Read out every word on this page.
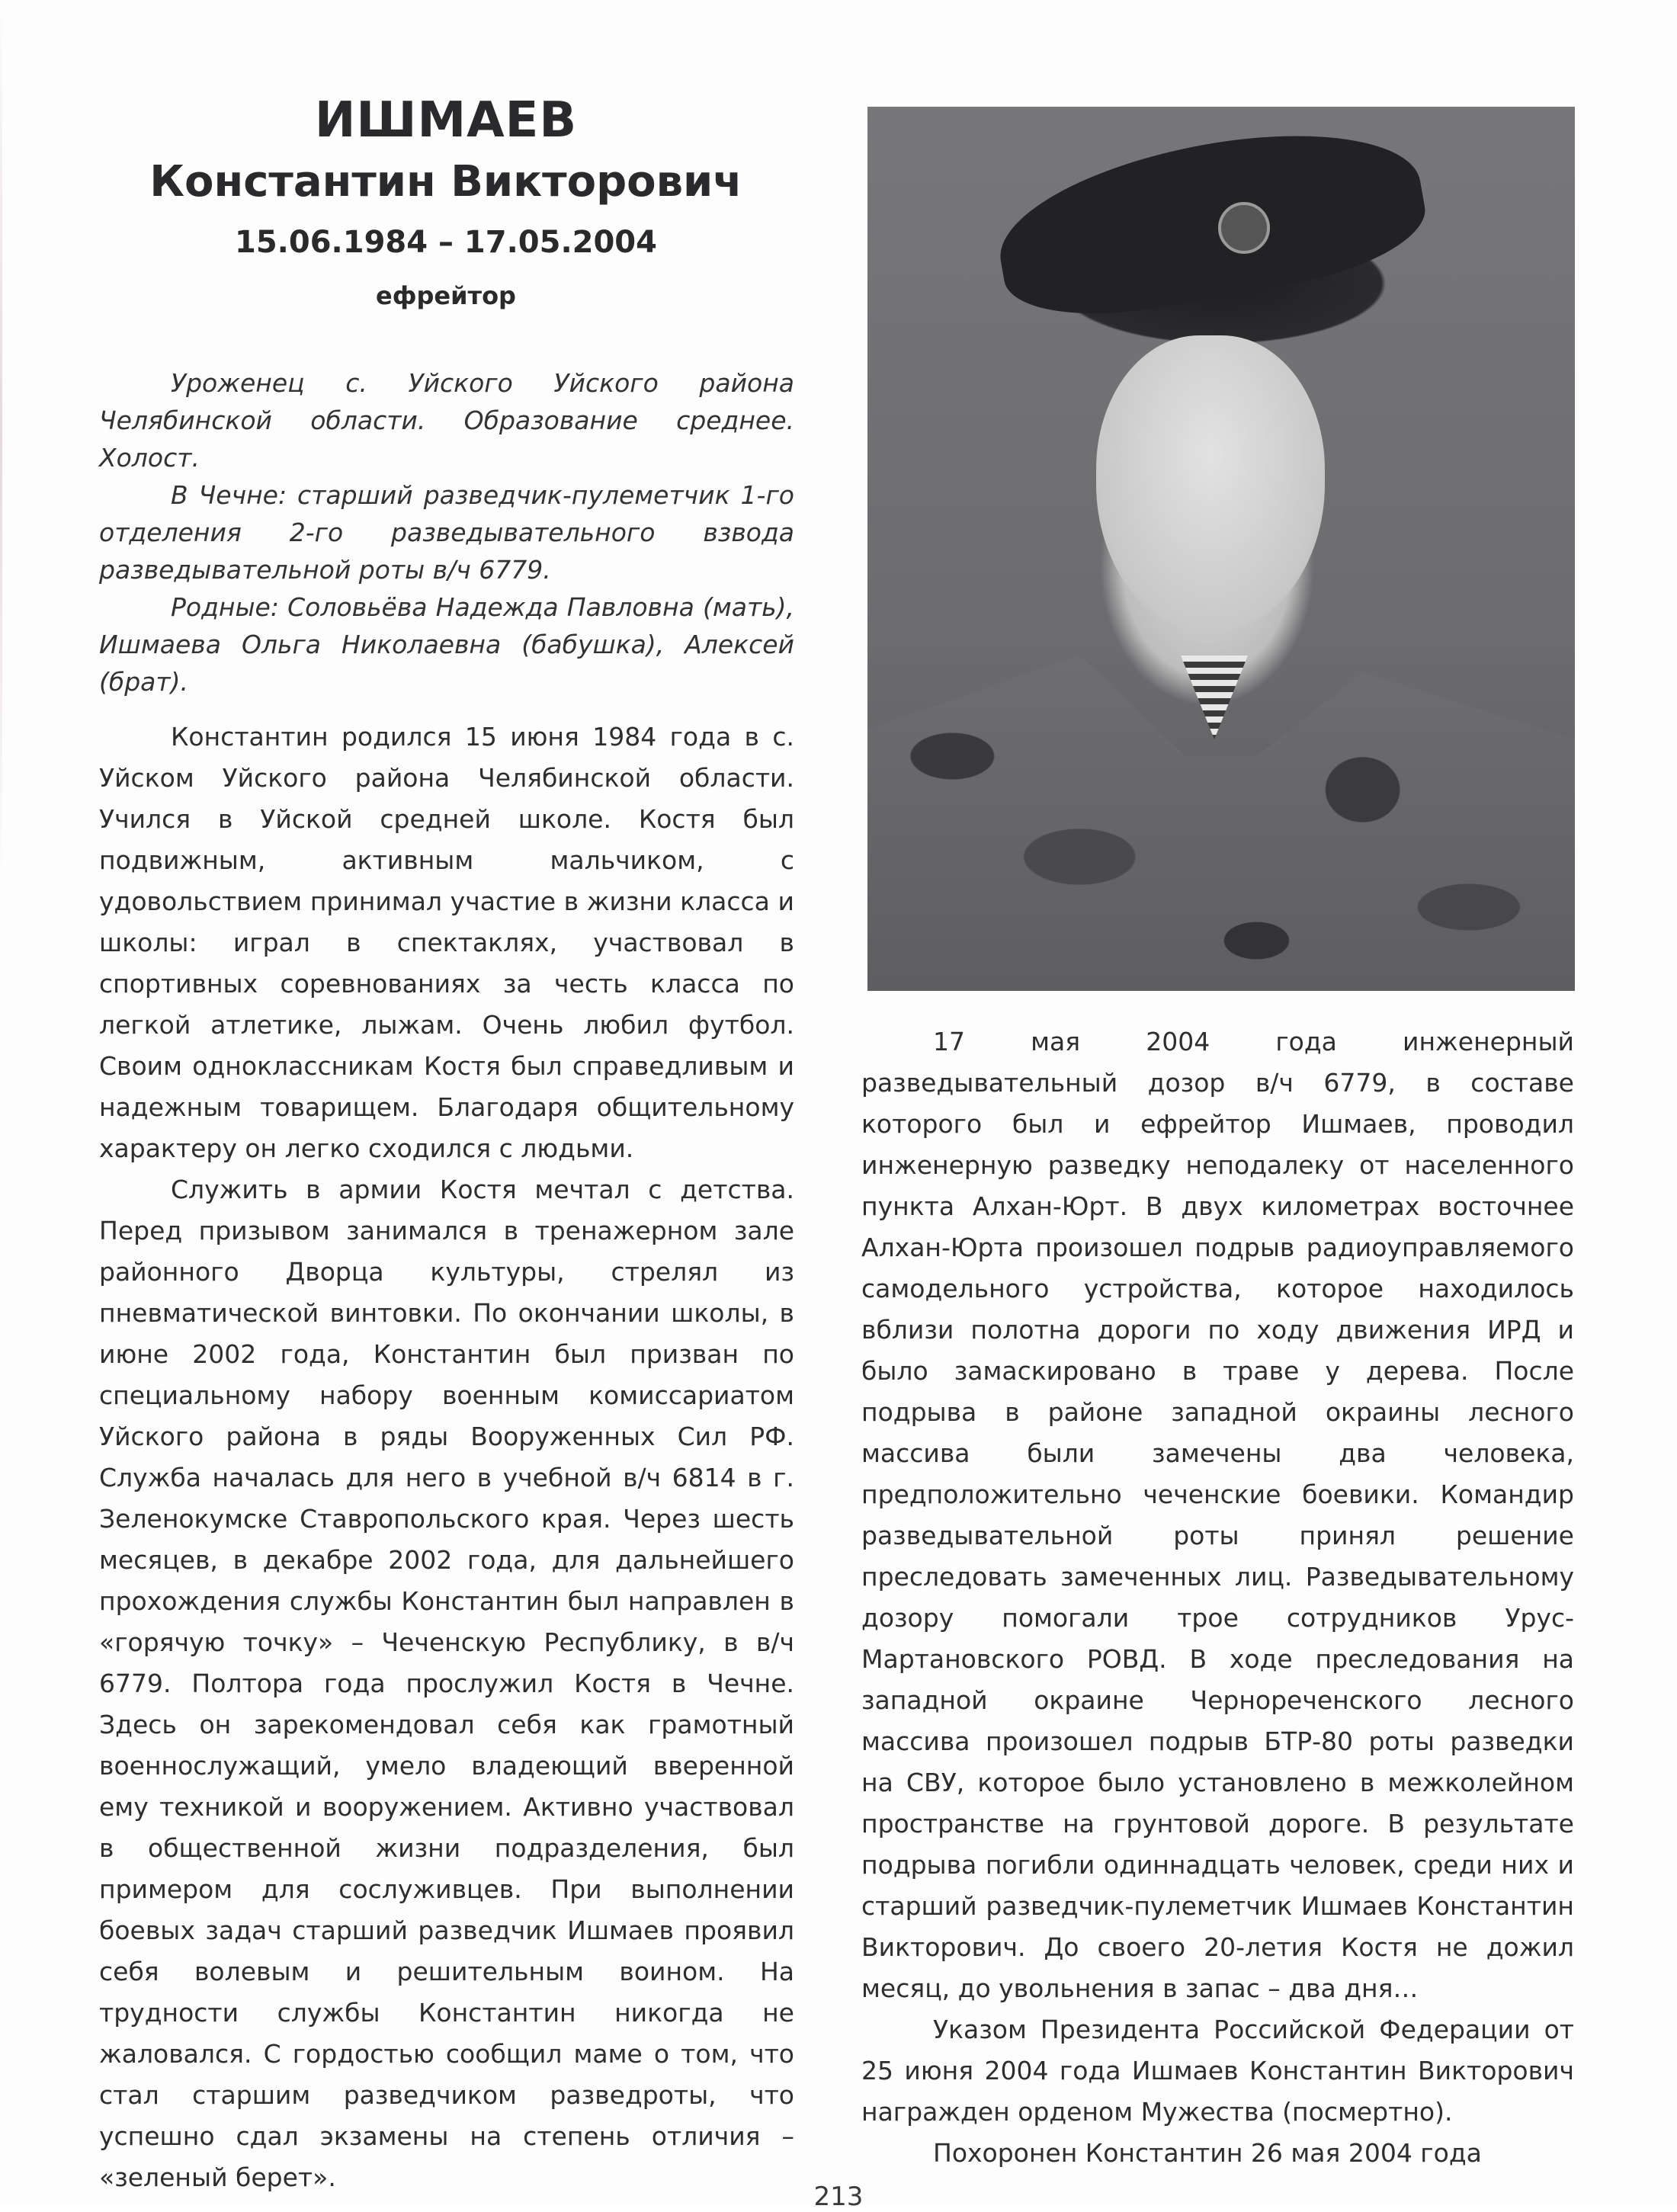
ИШМАЕВ
Константин Викторович
15.06.1984 – 17.05.2004
ефрейтор

Уроженец с. Уйского Уйского района Челябинской области. Образование среднее. Холост.

В Чечне: старший разведчик-пулеметчик 1-го отделения 2-го разведывательного взвода разведывательной роты в/ч 6779.

Родные: Соловьёва Надежда Павловна (мать), Ишмаева Ольга Николаевна (бабушка), Алексей (брат).

Константин родился 15 июня 1984 года в с. Уйском Уйского района Челябинской области. Учился в Уйской средней школе. Костя был подвижным, активным мальчиком, с удовольствием принимал участие в жизни класса и школы: играл в спектаклях, участвовал в спортивных соревнованиях за честь класса по легкой атлетике, лыжам. Очень любил футбол. Своим одноклассникам Костя был справедливым и надежным товарищем. Благодаря общительному характеру он легко сходился с людьми.

Служить в армии Костя мечтал с детства. Перед призывом занимался в тренажерном зале районного Дворца культуры, стрелял из пневматической винтовки. По окончании школы, в июне 2002 года, Константин был призван по специальному набору военным комиссариатом Уйского района в ряды Вооруженных Сил РФ. Служба началась для него в учебной в/ч 6814 в г. Зеленокумске Ставропольского края. Через шесть месяцев, в декабре 2002 года, для дальнейшего прохождения службы Константин был направлен в «горячую точку» – Чеченскую Республику, в в/ч 6779. Полтора года прослужил Костя в Чечне. Здесь он зарекомендовал себя как грамотный военнослужащий, умело владеющий вверенной ему техникой и вооружением. Активно участвовал в общественной жизни подразделения, был примером для сослуживцев. При выполнении боевых задач старший разведчик Ишмаев проявил себя волевым и решительным воином. На трудности службы Константин никогда не жаловался. С гордостью сообщил маме о том, что стал старшим разведчиком разведроты, что успешно сдал экзамены на степень отличия – «зеленый берет».

17 мая 2004 года инженерный разведывательный дозор в/ч 6779, в составе которого был и ефрейтор Ишмаев, проводил инженерную разведку неподалеку от населенного пункта Алхан-Юрт. В двух километрах восточнее Алхан-Юрта произошел подрыв радиоуправляемого самодельного устройства, которое находилось вблизи полотна дороги по ходу движения ИРД и было замаскировано в траве у дерева. После подрыва в районе западной окраины лесного массива были замечены два человека, предположительно чеченские боевики. Командир разведывательной роты принял решение преследовать замеченных лиц. Разведывательному дозору помогали трое сотрудников Урус-Мартановского РОВД. В ходе преследования на западной окраине Чернореченского лесного массива произошел подрыв БТР-80 роты разведки на СВУ, которое было установлено в межколейном пространстве на грунтовой дороге. В результате подрыва погибли одиннадцать человек, среди них и старший разведчик-пулеметчик Ишмаев Константин Викторович. До своего 20-летия Костя не дожил месяц, до увольнения в запас – два дня…

Указом Президента Российской Федерации от 25 июня 2004 года Ишмаев Константин Викторович награжден орденом Мужества (посмертно).

Похоронен Константин 26 мая 2004 года

213
